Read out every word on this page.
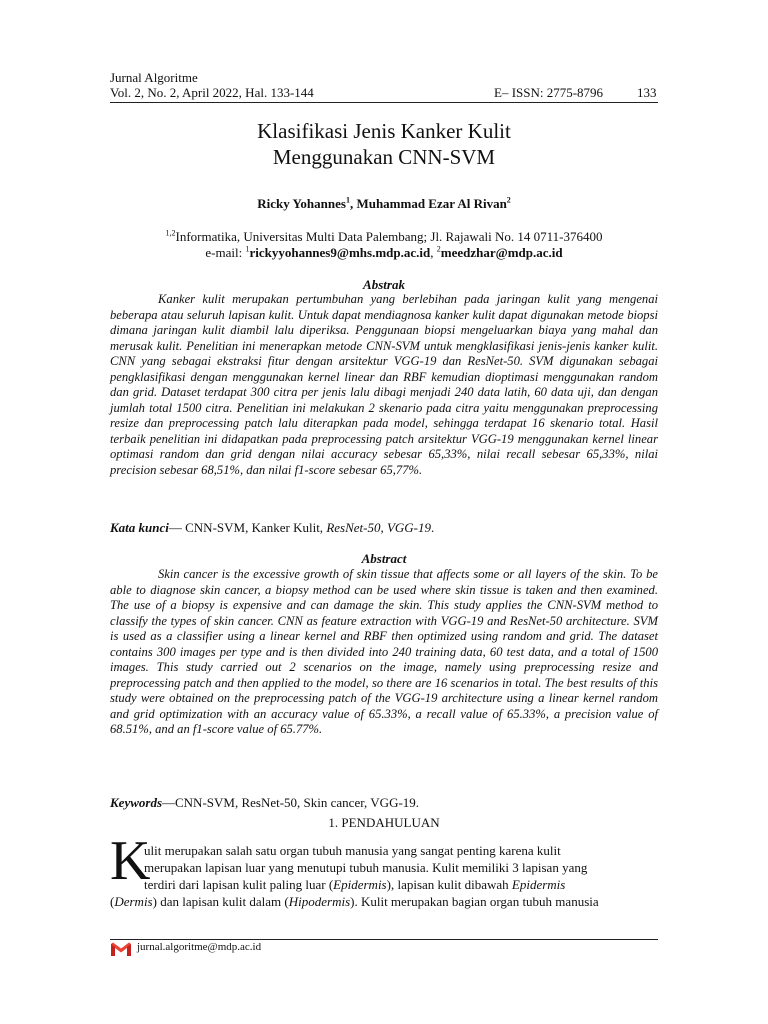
Jurnal Algoritme
Vol. 2, No. 2, April 2022, Hal. 133-144	E– ISSN: 2775-8796	133
Klasifikasi Jenis Kanker Kulit
Menggunakan CNN-SVM
Ricky Yohannes$^1$, Muhammad Ezar Al Rivan$^2$
$^{1,2}$Informatika, Universitas Multi Data Palembang; Jl. Rajawali No. 14 0711-376400
e-mail: $^1$rickyyohannes9@mhs.mdp.ac.id, $^2$meedzhar@mdp.ac.id
Abstrak

Kanker kulit merupakan pertumbuhan yang berlebihan pada jaringan kulit yang mengenai beberapa atau seluruh lapisan kulit. Untuk dapat mendiagnosa kanker kulit dapat digunakan metode biopsi dimana jaringan kulit diambil lalu diperiksa. Penggunaan biopsi mengeluarkan biaya yang mahal dan merusak kulit. Penelitian ini menerapkan metode CNN-SVM untuk mengklasifikasi jenis-jenis kanker kulit. CNN yang sebagai ekstraksi fitur dengan arsitektur VGG-19 dan ResNet-50. SVM digunakan sebagai pengklasifikasi dengan menggunakan kernel linear dan RBF kemudian dioptimasi menggunakan random dan grid. Dataset terdapat 300 citra per jenis lalu dibagi menjadi 240 data latih, 60 data uji, dan dengan jumlah total 1500 citra. Penelitian ini melakukan 2 skenario pada citra yaitu menggunakan preprocessing resize dan preprocessing patch lalu diterapkan pada model, sehingga terdapat 16 skenario total. Hasil terbaik penelitian ini didapatkan pada preprocessing patch arsitektur VGG-19 menggunakan kernel linear optimasi random dan grid dengan nilai accuracy sebesar 65,33%, nilai recall sebesar 65,33%, nilai precision sebesar 68,51%, dan nilai f1-score sebesar 65,77%.

Kata kunci— CNN-SVM, Kanker Kulit, ResNet-50, VGG-19.
Abstract

Skin cancer is the excessive growth of skin tissue that affects some or all layers of the skin. To be able to diagnose skin cancer, a biopsy method can be used where skin tissue is taken and then examined. The use of a biopsy is expensive and can damage the skin. This study applies the CNN-SVM method to classify the types of skin cancer. CNN as feature extraction with VGG-19 and ResNet-50 architecture. SVM is used as a classifier using a linear kernel and RBF then optimized using random and grid. The dataset contains 300 images per type and is then divided into 240 training data, 60 test data, and a total of 1500 images. This study carried out 2 scenarios on the image, namely using preprocessing resize and preprocessing patch and then applied to the model, so there are 16 scenarios in total. The best results of this study were obtained on the preprocessing patch of the VGG-19 architecture using a linear kernel random and grid optimization with an accuracy value of 65.33%, a recall value of 65.33%, a precision value of 68.51%, and an f1-score value of 65.77%.

Keywords—CNN-SVM, ResNet-50, Skin cancer, VGG-19.
1. PENDAHULUAN
K
ulit merupakan salah satu organ tubuh manusia yang sangat penting karena kulit
merupakan lapisan luar yang menutupi tubuh manusia. Kulit memiliki 3 lapisan yang
terdiri dari lapisan kulit paling luar (Epidermis), lapisan kulit dibawah Epidermis
(Dermis) dan lapisan kulit dalam (Hipodermis). Kulit merupakan bagian organ tubuh manusia
jurnal.algoritme@mdp.ac.id
